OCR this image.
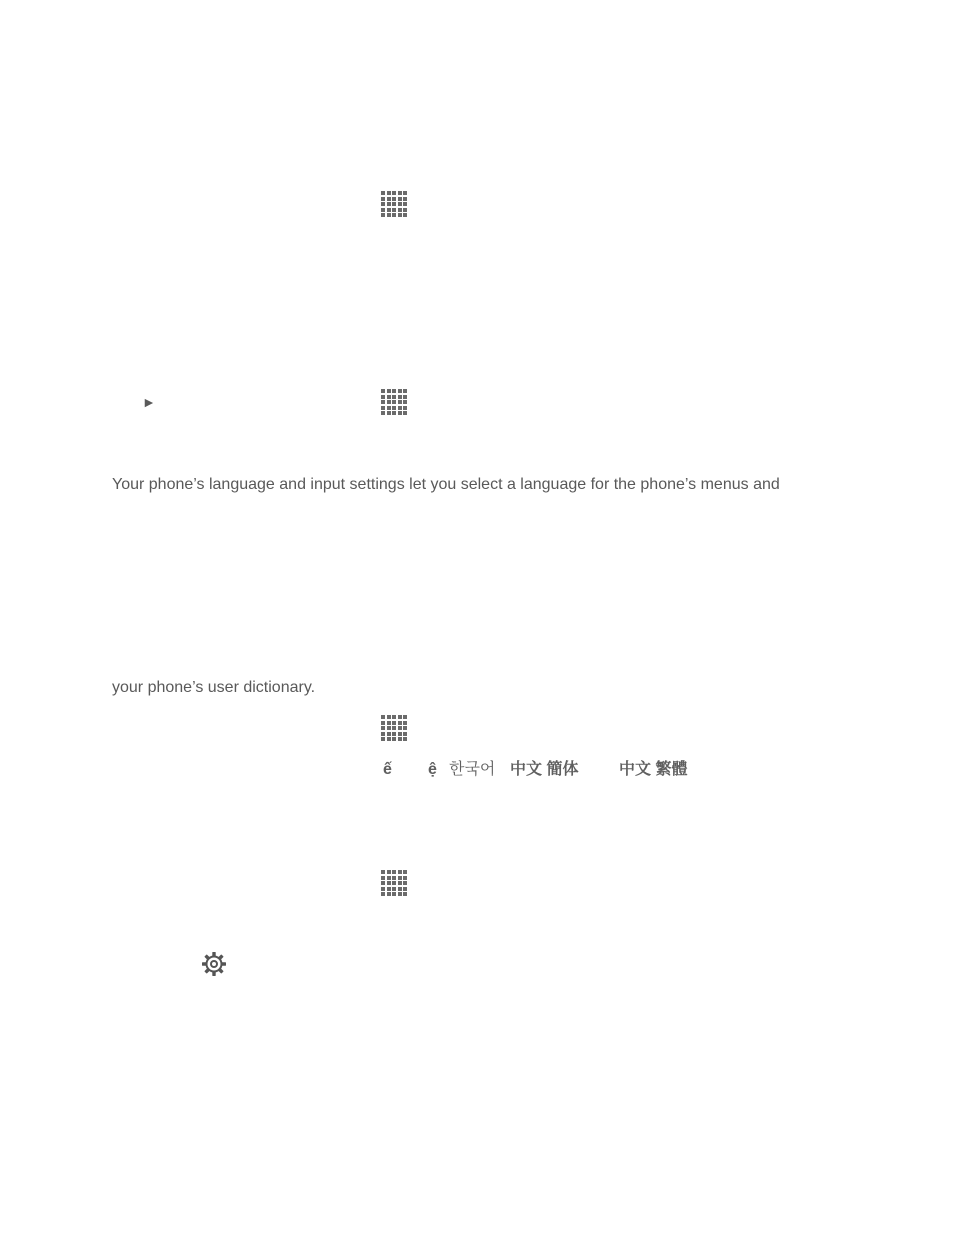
►
Your phone’s language and input settings let you select a language for the phone’s menus and
your phone’s user dictionary.
ế ệ 한국어 中文 簡体	中文 繁體
